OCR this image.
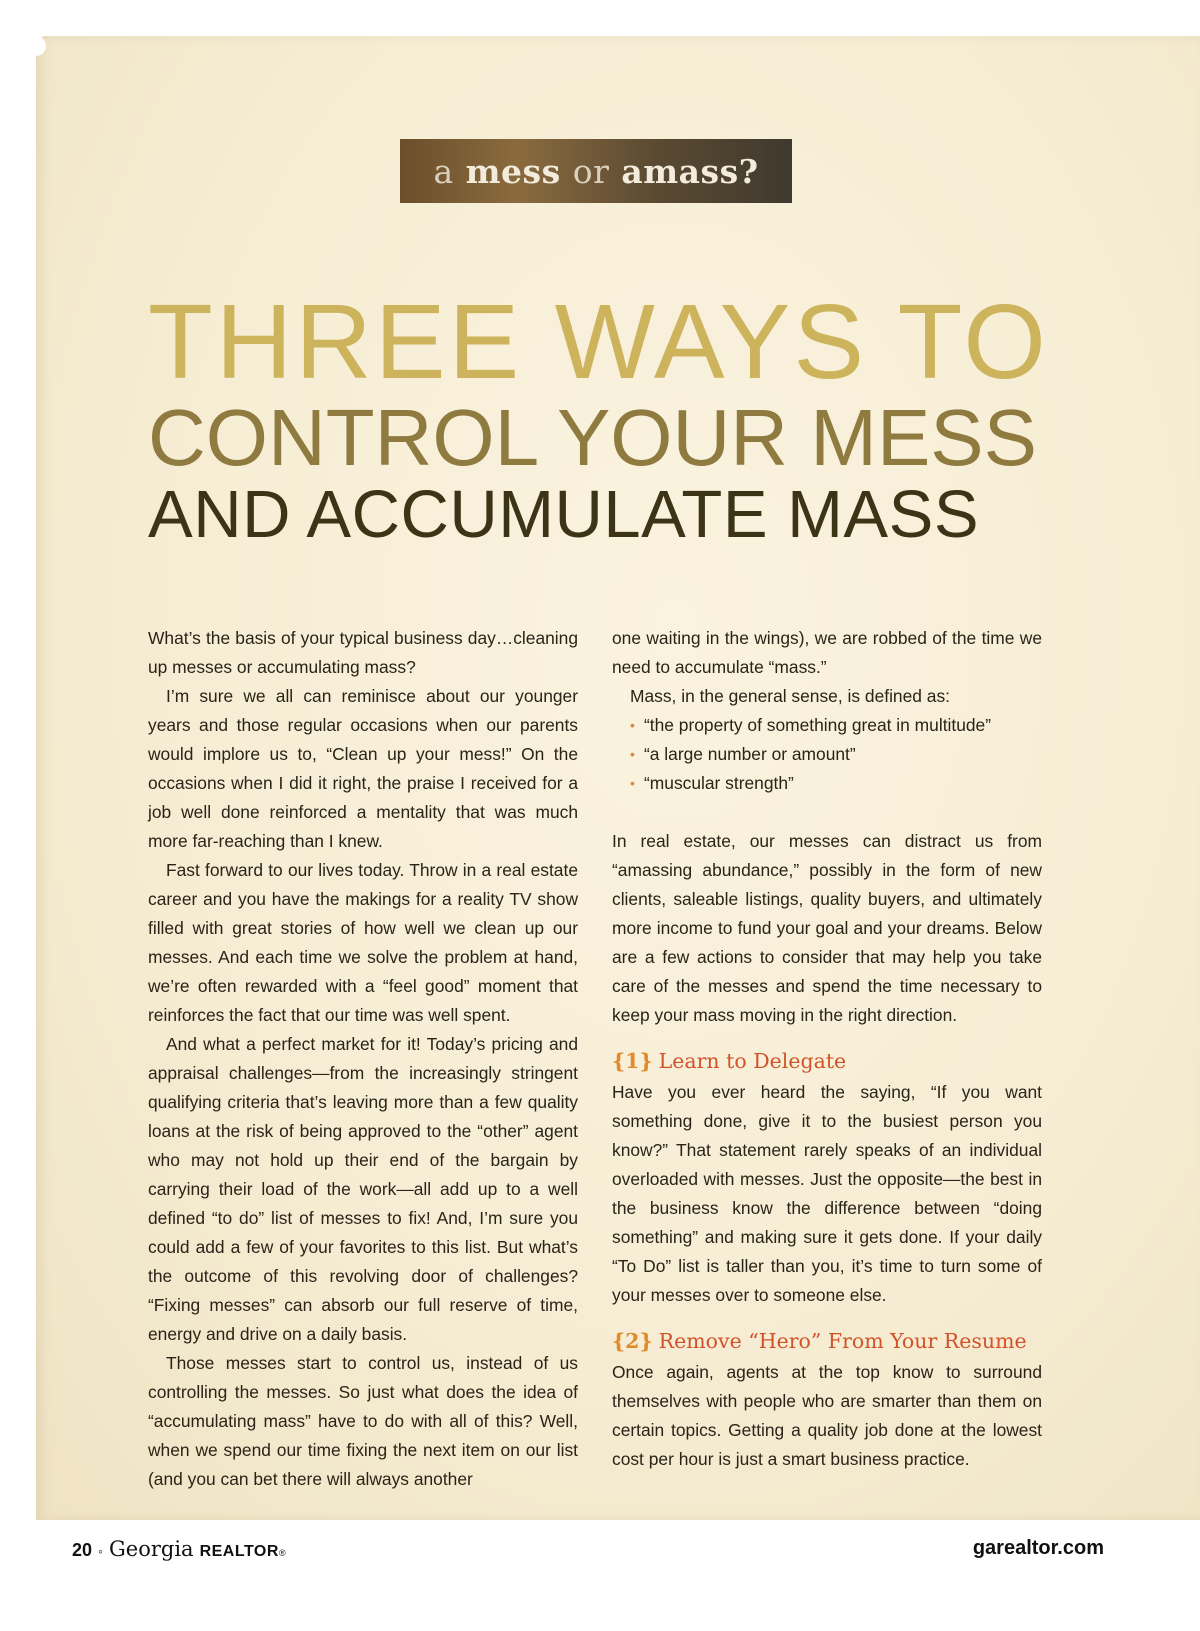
a mess or amass?
THREE WAYS TO
CONTROL YOUR MESS
AND ACCUMULATE MASS

What’s the basis of your typical business day…cleaning up messes or accumulating mass?

I’m sure we all can reminisce about our younger years and those regular occasions when our parents would implore us to, “Clean up your mess!” On the occasions when I did it right, the praise I received for a job well done reinforced a mentality that was much more far-reaching than I knew.

Fast forward to our lives today. Throw in a real estate career and you have the makings for a reality TV show filled with great stories of how well we clean up our messes. And each time we solve the problem at hand, we’re often rewarded with a “feel good” moment that reinforces the fact that our time was well spent.

And what a perfect market for it! Today’s pricing and appraisal challenges—from the increasingly stringent qualifying criteria that’s leaving more than a few quality loans at the risk of being approved to the “other” agent who may not hold up their end of the bargain by carrying their load of the work—all add up to a well defined “to do” list of messes to fix! And, I’m sure you could add a few of your favorites to this list. But what’s the outcome of this revolving door of challenges? “Fixing messes” can absorb our full reserve of time, energy and drive on a daily basis.

Those messes start to control us, instead of us controlling the messes. So just what does the idea of “accumulating mass” have to do with all of this? Well, when we spend our time fixing the next item on our list (and you can bet there will always another

one waiting in the wings), we are robbed of the time we need to accumulate “mass.”

Mass, in the general sense, is defined as:

• “the property of something great in multitude”
• “a large number or amount”
• “muscular strength”

In real estate, our messes can distract us from “amassing abundance,” possibly in the form of new clients, saleable listings, quality buyers, and ultimately more income to fund your goal and your dreams. Below are a few actions to consider that may help you take care of the messes and spend the time necessary to keep your mass moving in the right direction.

{1} Learn to Delegate

Have you ever heard the saying, “If you want something done, give it to the busiest person you know?” That statement rarely speaks of an individual overloaded with messes. Just the opposite—the best in the business know the difference between “doing something” and making sure it gets done. If your daily “To Do” list is taller than you, it’s time to turn some of your messes over to someone else.

{2} Remove “Hero” From Your Resume

Once again, agents at the top know to surround themselves with people who are smarter than them on certain topics. Getting a quality job done at the lowest cost per hour is just a smart business practice.

20 ◦ Georgia REALTOR ®	garealtor.com
